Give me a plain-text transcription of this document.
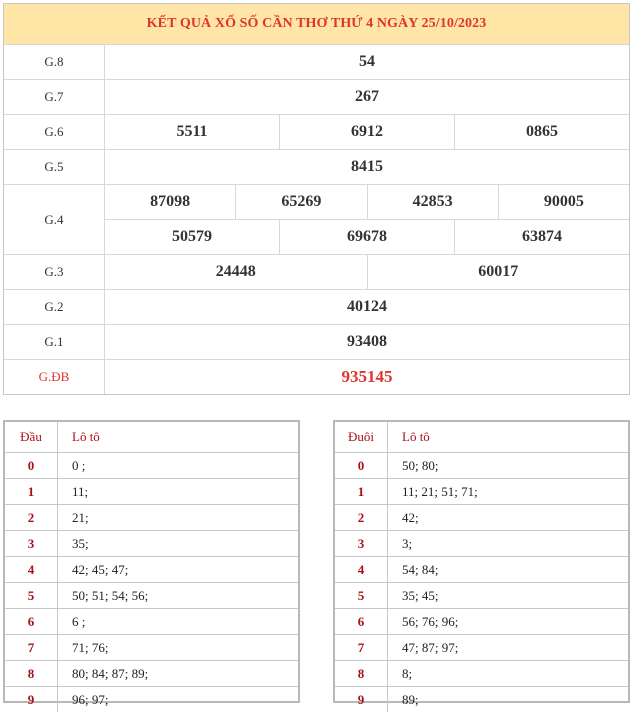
KẾT QUẢ XỔ SỐ CẦN THƠ THỨ 4 NGÀY 25/10/2023
G.8	54
G.7	267
G.6	5511	6912	0865
G.5	8415
G.4
87098	65269	42853	90005
50579	69678	63874
G.3	24448	60017
G.2	40124
G.1	93408
G.ĐB	935145
Đầu	Lô tô
0	0 ;
1	11;
2	21;
3	35;
4	42; 45; 47;
5	50; 51; 54; 56;
6	6 ;
7	71; 76;
8	80; 84; 87; 89;
9	96; 97;
Đuôi	Lô tô
0	50; 80;
1	11; 21; 51; 71;
2	42;
3	3;
4	54; 84;
5	35; 45;
6	56; 76; 96;
7	47; 87; 97;
8	8;
9	89;
